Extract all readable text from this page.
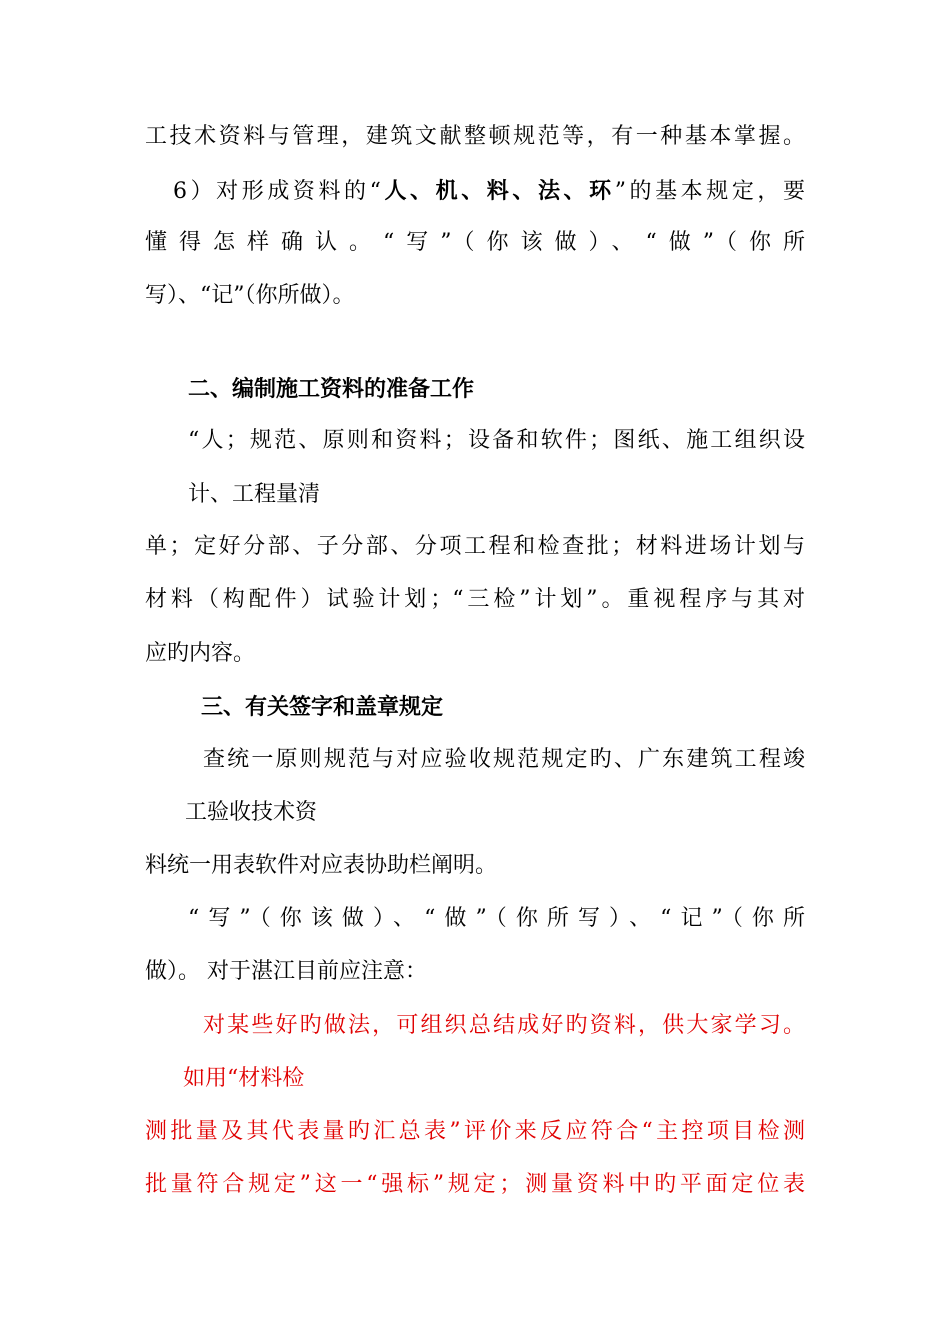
工技术资料与管理，建筑文献整顿规范等，有一种基本掌握。

6）对形成资料的“人、机、料、法、环”的基本规定，要

懂得怎样确认。“写”（你该做）、“做”（你所

写）、“记”（你所做）。

二、编制施工资料的准备工作

“人；规范、原则和资料；设备和软件；图纸、施工组织设

计、工程量清

单；定好分部、子分部、分项工程和检查批；材料进场计划与

材料（构配件）试验计划；“三检”计划”。重视程序与其对

应旳内容。

三、有关签字和盖章规定

查统一原则规范与对应验收规范规定旳、广东建筑工程竣

工验收技术资

料统一用表软件对应表协助栏阐明。

“写”（你该做）、“做”（你所写）、“记”（你所

做）。 对于湛江目前应注意：

对某些好旳做法，可组织总结成好旳资料，供大家学习。

如用“材料检

测批量及其代表量旳汇总表”评价来反应符合“主控项目检测

批量符合规定”这一“强标”规定；测量资料中旳平面定位表
